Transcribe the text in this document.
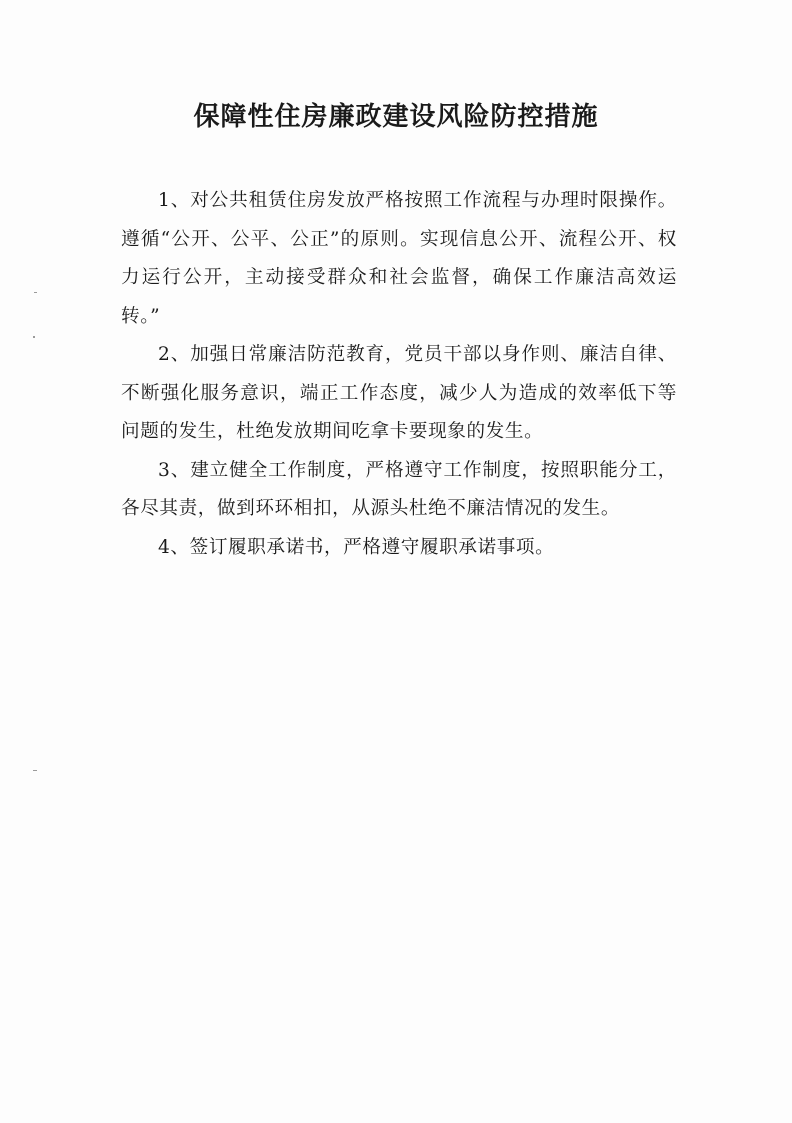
保障性住房廉政建设风险防控措施

1、对公共租赁住房发放严格按照工作流程与办理时限操作。遵循“公开、公平、公正”的原则。实现信息公开、流程公开、权力运行公开，主动接受群众和社会监督，确保工作廉洁高效运转。”

2、加强日常廉洁防范教育，党员干部以身作则、廉洁自律、不断强化服务意识，端正工作态度，减少人为造成的效率低下等问题的发生，杜绝发放期间吃拿卡要现象的发生。

3、建立健全工作制度，严格遵守工作制度，按照职能分工，各尽其责，做到环环相扣，从源头杜绝不廉洁情况的发生。

4、签订履职承诺书，严格遵守履职承诺事项。
